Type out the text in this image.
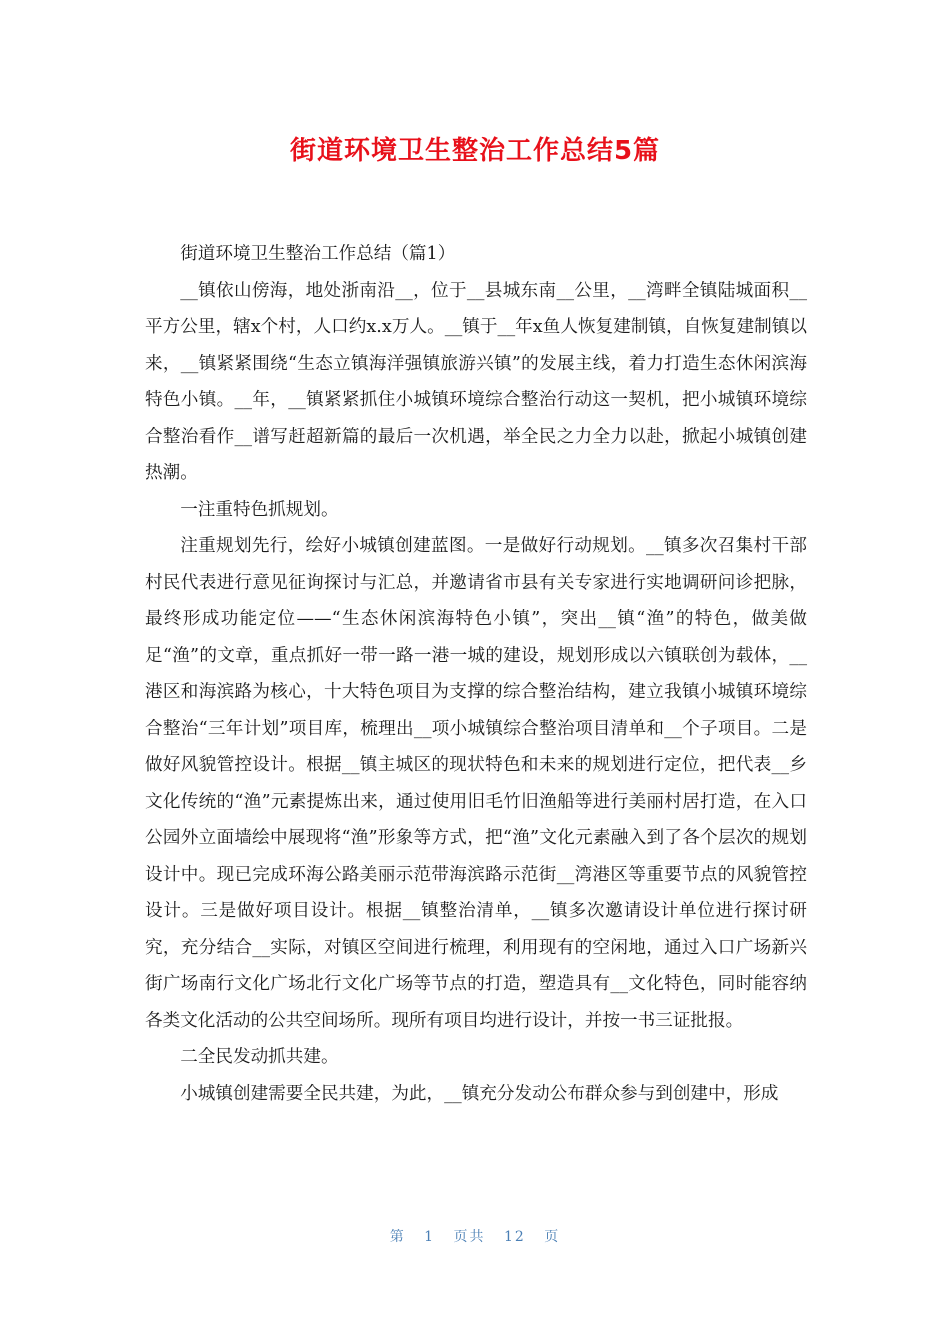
街道环境卫生整治工作总结5篇

街道环境卫生整治工作总结（篇1）

__镇依山傍海，地处浙南沿__，位于__县城东南__公里，__湾畔全镇陆城面积__平方公里，辖x个村，人口约x.x万人。__镇于__年x鱼人恢复建制镇，自恢复建制镇以来，__镇紧紧围绕“生态立镇海洋强镇旅游兴镇”的发展主线，着力打造生态休闲滨海特色小镇。__年，__镇紧紧抓住小城镇环境综合整治行动这一契机，把小城镇环境综合整治看作__谱写赶超新篇的最后一次机遇，举全民之力全力以赴，掀起小城镇创建热潮。

一注重特色抓规划。

注重规划先行，绘好小城镇创建蓝图。一是做好行动规划。__镇多次召集村干部村民代表进行意见征询探讨与汇总，并邀请省市县有关专家进行实地调研问诊把脉，最终形成功能定位——“生态休闲滨海特色小镇”，突出__镇“渔”的特色，做美做足“渔”的文章，重点抓好一带一路一港一城的建设，规划形成以六镇联创为载体，__港区和海滨路为核心，十大特色项目为支撑的综合整治结构，建立我镇小城镇环境综合整治“三年计划”项目库，梳理出__项小城镇综合整治项目清单和__个子项目。二是做好风貌管控设计。根据__镇主城区的现状特色和未来的规划进行定位，把代表__乡文化传统的“渔”元素提炼出来，通过使用旧毛竹旧渔船等进行美丽村居打造，在入口公园外立面墙绘中展现将“渔”形象等方式，把“渔”文化元素融入到了各个层次的规划设计中。现已完成环海公路美丽示范带海滨路示范街__湾港区等重要节点的风貌管控设计。三是做好项目设计。根据__镇整治清单，__镇多次邀请设计单位进行探讨研究，充分结合__实际，对镇区空间进行梳理，利用现有的空闲地，通过入口广场新兴街广场南行文化广场北行文化广场等节点的打造，塑造具有__文化特色，同时能容纳各类文化活动的公共空间场所。现所有项目均进行设计，并按一书三证批报。

二全民发动抓共建。

小城镇创建需要全民共建，为此，__镇充分发动公布群众参与到创建中，形成

第 1 页共 12 页
